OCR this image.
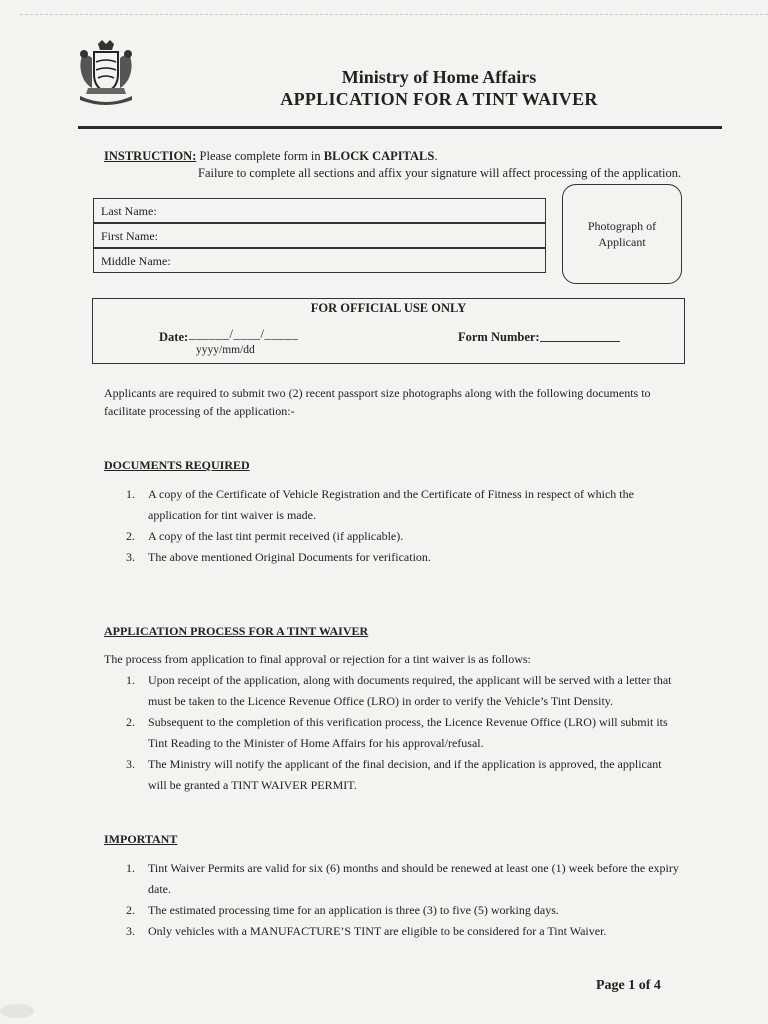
Ministry of Home Affairs
APPLICATION FOR A TINT WAIVER
INSTRUCTION: Please complete form in BLOCK CAPITALS.
Failure to complete all sections and affix your signature will affect processing of the application.
Last Name:
First Name:
Middle Name:
Photograph of Applicant
FOR OFFICIAL USE ONLY
Date: ______/____/_____
yyyy/mm/dd
Form Number:
Applicants are required to submit two (2) recent passport size photographs along with the following documents to facilitate processing of the application:-
DOCUMENTS REQUIRED
1. A copy of the Certificate of Vehicle Registration and the Certificate of Fitness in respect of which the application for tint waiver is made.
2. A copy of the last tint permit received (if applicable).
3. The above mentioned Original Documents for verification.
APPLICATION PROCESS FOR A TINT WAIVER
The process from application to final approval or rejection for a tint waiver is as follows:
1. Upon receipt of the application, along with documents required, the applicant will be served with a letter that must be taken to the Licence Revenue Office (LRO) in order to verify the Vehicle’s Tint Density.
2. Subsequent to the completion of this verification process, the Licence Revenue Office (LRO) will submit its Tint Reading to the Minister of Home Affairs for his approval/refusal.
3. The Ministry will notify the applicant of the final decision, and if the application is approved, the applicant will be granted a TINT WAIVER PERMIT.
IMPORTANT
1. Tint Waiver Permits are valid for six (6) months and should be renewed at least one (1) week before the expiry date.
2. The estimated processing time for an application is three (3) to five (5) working days.
3. Only vehicles with a MANUFACTURE’S TINT are eligible to be considered for a Tint Waiver.
Page 1 of 4
